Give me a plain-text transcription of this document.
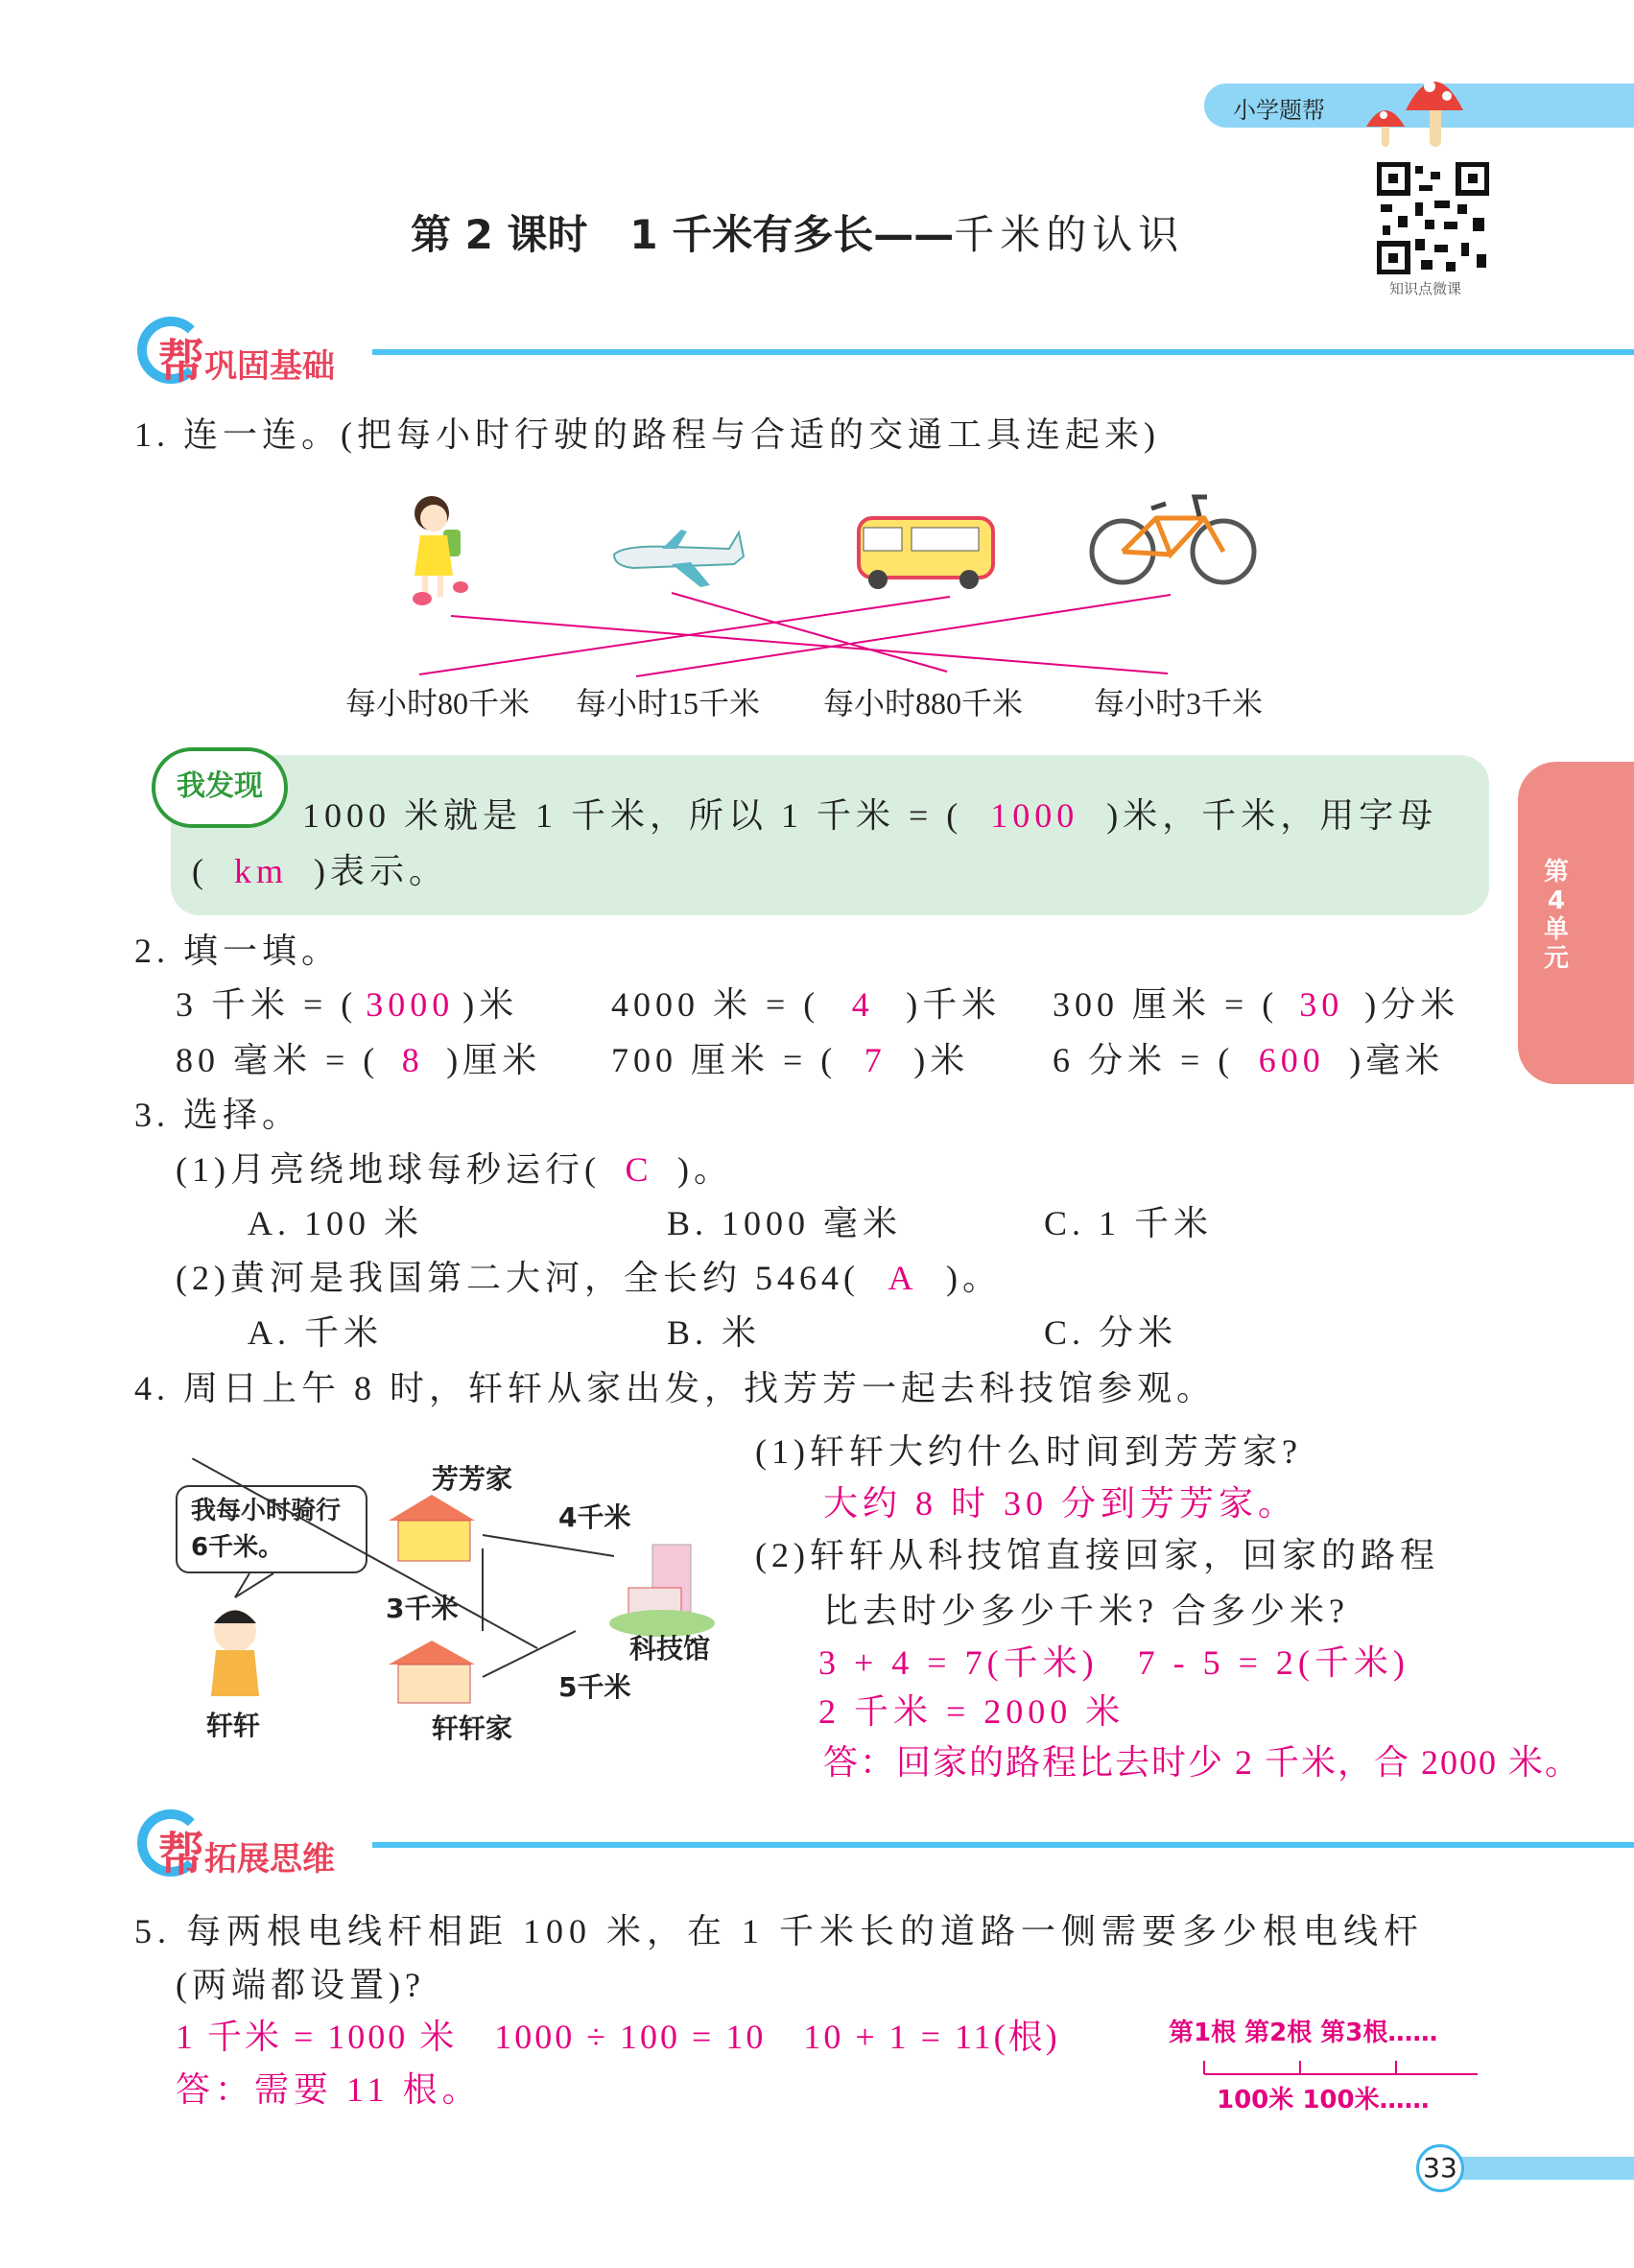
小学题帮
第 2 课时 1 千米有多长——千米的认识
知识点微课
帮巩固基础
1. 连一连。(把每小时行驶的路程与合适的交通工具连起来)
每小时80千米 每小时15千米 每小时880千米 每小时3千米
我发现
1000 米就是 1 千米，所以 1 千米 = ( 1000 )米，千米，用字母
( km )表示。	第4单元
2. 填一填。
3 千米 = ( 3000 )米	4000 米 = ( 4 )千米 300 厘米 = ( 30 )分米
80 毫米 = ( 8 )厘米 700 厘米 = ( 7 )米 6 分米 = ( 600 )毫米
3. 选择。
(1)月亮绕地球每秒运行( C )。
A. 100 米	B. 1000 毫米	C. 1 千米
(2)黄河是我国第二大河，全长约 5464( A )。
A. 千米	B. 米	C. 分米
4. 周日上午 8 时，轩轩从家出发，找芳芳一起去科技馆参观。
我每小时骑行6千米。
芳芳家
4千米
3千米
科技馆
5千米
轩轩	轩轩家
(1)轩轩大约什么时间到芳芳家?
大约 8 时 30 分到芳芳家。
(2)轩轩从科技馆直接回家，回家的路程
比去时少多少千米? 合多少米?
3 + 4 = 7(千米)　7 - 5 = 2(千米)
2 千米 = 2000 米
答：回家的路程比去时少 2 千米，合 2000 米。
帮拓展思维
5. 每两根电线杆相距 100 米，在 1 千米长的道路一侧需要多少根电线杆
(两端都设置)?
1 千米 = 1000 米　1000 ÷ 100 = 10　10 + 1 = 11(根)
答：需要 11 根。
第1根 第2根 第3根……
100米 100米……
33
